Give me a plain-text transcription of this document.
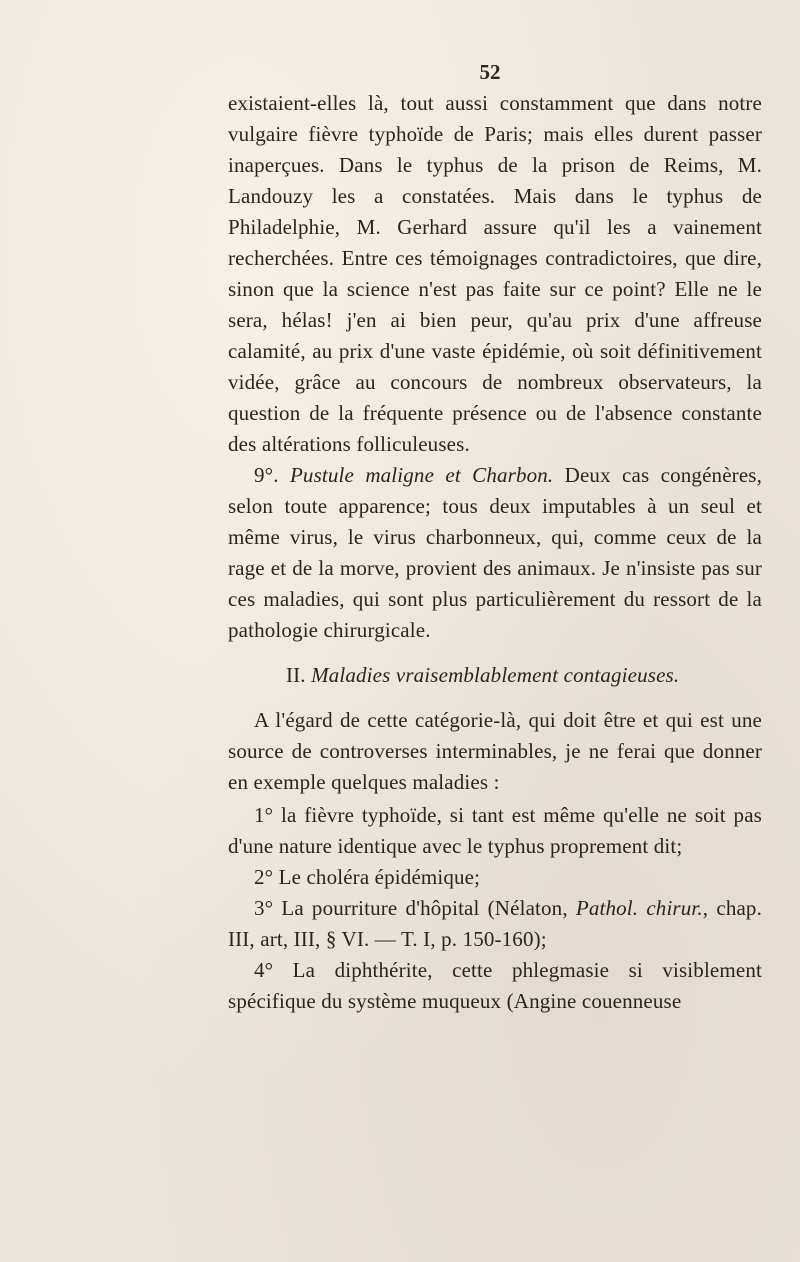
52

existaient-elles là, tout aussi constamment que dans notre vulgaire fièvre typhoïde de Paris; mais elles durent passer inaperçues. Dans le typhus de la prison de Reims, M. Landouzy les a constatées. Mais dans le typhus de Philadelphie, M. Gerhard assure qu'il les a vainement recherchées. Entre ces témoignages contradictoires, que dire, sinon que la science n'est pas faite sur ce point? Elle ne le sera, hélas! j'en ai bien peur, qu'au prix d'une affreuse calamité, au prix d'une vaste épidémie, où soit définitivement vidée, grâce au concours de nombreux observateurs, la question de la fréquente présence ou de l'absence constante des altérations folliculeuses.

9°. Pustule maligne et Charbon. Deux cas congénères, selon toute apparence; tous deux imputables à un seul et même virus, le virus charbonneux, qui, comme ceux de la rage et de la morve, provient des animaux. Je n'insiste pas sur ces maladies, qui sont plus particulièrement du ressort de la pathologie chirurgicale.

II. Maladies vraisemblablement contagieuses.

A l'égard de cette catégorie-là, qui doit être et qui est une source de controverses interminables, je ne ferai que donner en exemple quelques maladies :

1° la fièvre typhoïde, si tant est même qu'elle ne soit pas d'une nature identique avec le typhus proprement dit;

2° Le choléra épidémique;

3° La pourriture d'hôpital (Nélaton, Pathol. chirur., chap. III, art, III, § VI. — T. I, p. 150-160);

4° La diphthérite, cette phlegmasie si visiblement spécifique du système muqueux (Angine couenneuse
